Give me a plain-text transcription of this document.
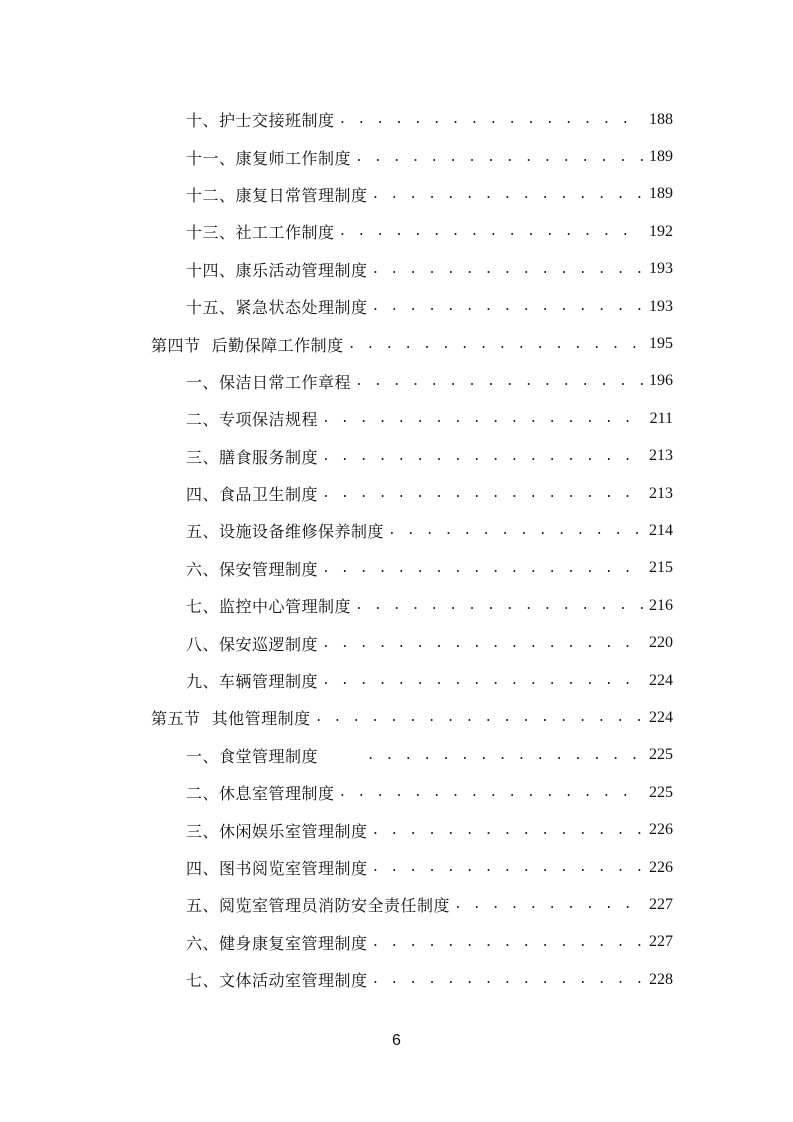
十、护士交接班制度 . . .	188
十一、康复师工作制度 . . .	189
十二、康复日常管理制度 . . .	189
十三、社工工作制度 . . .	192
十四、康乐活动管理制度 . . .	193
十五、紧急状态处理制度 . . .	193
第四节  后勤保障工作制度 . . .	195
一、保洁日常工作章程 . . .	196
二、专项保洁规程 . . .	211
三、膳食服务制度 . . .	213
四、食品卫生制度 . . .	213
五、设施设备维修保养制度 . . .	214
六、保安管理制度 . . .	215
七、监控中心管理制度 . . .	216
八、保安巡逻制度 . . .	220
九、车辆管理制度 . . .	224
第五节  其他管理制度 . . .	224
一、食堂管理制度 . . .	225
二、休息室管理制度 . . .	225
三、休闲娱乐室管理制度 . . .	226
四、图书阅览室管理制度 . . .	226
五、阅览室管理员消防安全责任制度 . . .	227
六、健身康复室管理制度 . . .	227
七、文体活动室管理制度 . . .	228
6
